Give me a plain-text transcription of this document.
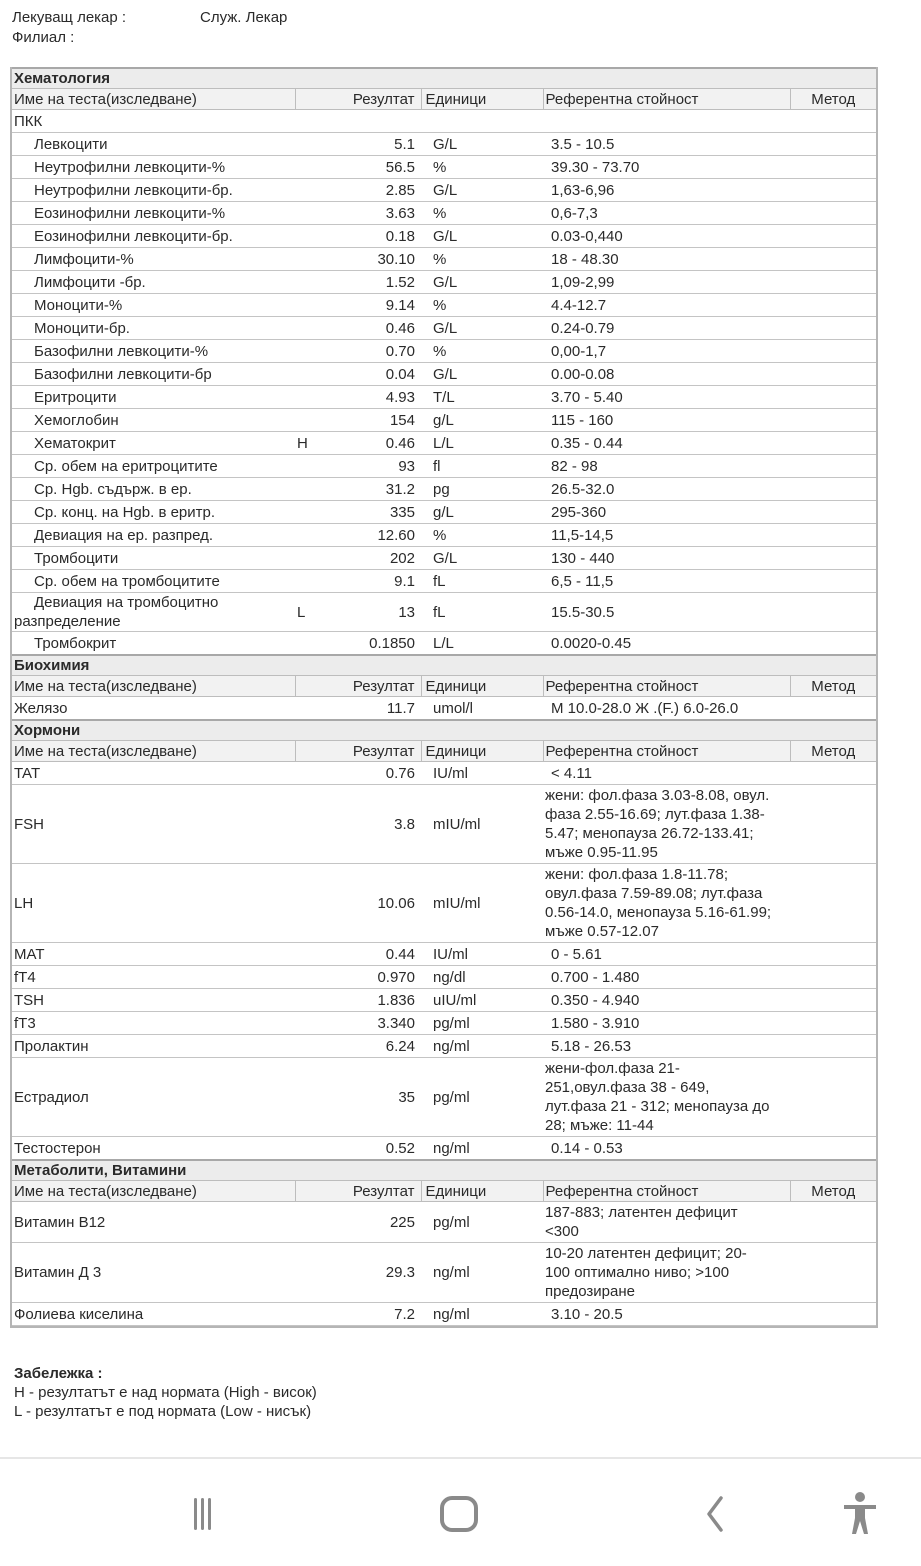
Лекуващ лекар :	Служ. Лекар
Филиал :
Хематология					
Име на теста(изследване)	Резултат		Единици	Референтна стойност	Метод
ПКК					
Левкоцити		5.1	G/L	3.5 - 10.5	
Неутрофилни левкоцити-%		56.5	%	39.30 - 73.70	
Неутрофилни левкоцити-бр.		2.85	G/L	1,63-6,96	
Еозинофилни левкоцити-%		3.63	%	0,6-7,3	
Еозинофилни левкоцити-бр.		0.18	G/L	0.03-0,440	
Лимфоцити-%		30.10	%	18 - 48.30	
Лимфоцити -бр.		1.52	G/L	1,09-2,99	
Моноцити-%		9.14	%	4.4-12.7	
Моноцити-бр.		0.46	G/L	0.24-0.79	
Базофилни левкоцити-%		0.70	%	0,00-1,7	
Базофилни левкоцити-бр		0.04	G/L	0.00-0.08	
Еритроцити		4.93	T/L	3.70 - 5.40	
Хемоглобин		154	g/L	115 - 160	
Хематокрит	H	0.46	L/L	0.35 - 0.44	
Ср. обем на еритроцитите		93	fl	82 - 98	
Ср. Hgb. съдърж. в ер.		31.2	pg	26.5-32.0	
Ср. конц. на Hgb. в еритр.		335	g/L	295-360	
Девиация на ер. разпред.		12.60	%	11,5-14,5	
Тромбоцити		202	G/L	130 - 440	
Ср. обем на тромбоцитите		9.1	fL	6,5 - 11,5	
Девиация на тромбоцитно разпределение	L	13	fL	15.5-30.5	
Тромбокрит		0.1850	L/L	0.0020-0.45	
Биохимия					
Име на теста(изследване)	Резултат		Единици	Референтна стойност	Метод
Желязо		11.7	umol/l	М 10.0-28.0 Ж .(F.) 6.0-26.0	
Хормони					
Име на теста(изследване)	Резултат		Единици	Референтна стойност	Метод
TAT		0.76	IU/ml	< 4.11	
FSH		3.8	mIU/ml	жени: фол.фаза 3.03-8.08, овул.
фаза 2.55-16.69; лут.фаза 1.38-
5.47; менопауза 26.72-133.41;
мъже 0.95-11.95	
LH		10.06	mIU/ml	жени: фол.фаза 1.8-11.78;
овул.фаза 7.59-89.08; лут.фаза
0.56-14.0, менопауза 5.16-61.99;
мъже 0.57-12.07	
MAT		0.44	IU/ml	0 - 5.61	
fT4		0.970	ng/dl	0.700 - 1.480	
TSH		1.836	uIU/ml	0.350 - 4.940	
fT3		3.340	pg/ml	1.580 - 3.910	
Пролактин		6.24	ng/ml	5.18 - 26.53	
Естрадиол		35	pg/ml	жени-фол.фаза 21-
251,овул.фаза 38 - 649,
лут.фаза 21 - 312; менопауза до
28; мъже: 11-44	
Тестостерон		0.52	ng/ml	0.14 - 0.53	
Метаболити, Витамини					
Име на теста(изследване)	Резултат		Единици	Референтна стойност	Метод
Витамин B12		225	pg/ml	187-883; латентен дефицит
<300	
Витамин Д 3		29.3	ng/ml	10-20 латентен дефицит; 20-
100 оптимално ниво; >100
предозиране	
Фолиева киселина		7.2	ng/ml	3.10 - 20.5	
Забележка :
H - резултатът е над нормата (High - висок)
L - резултатът е под нормата (Low - нисък)
